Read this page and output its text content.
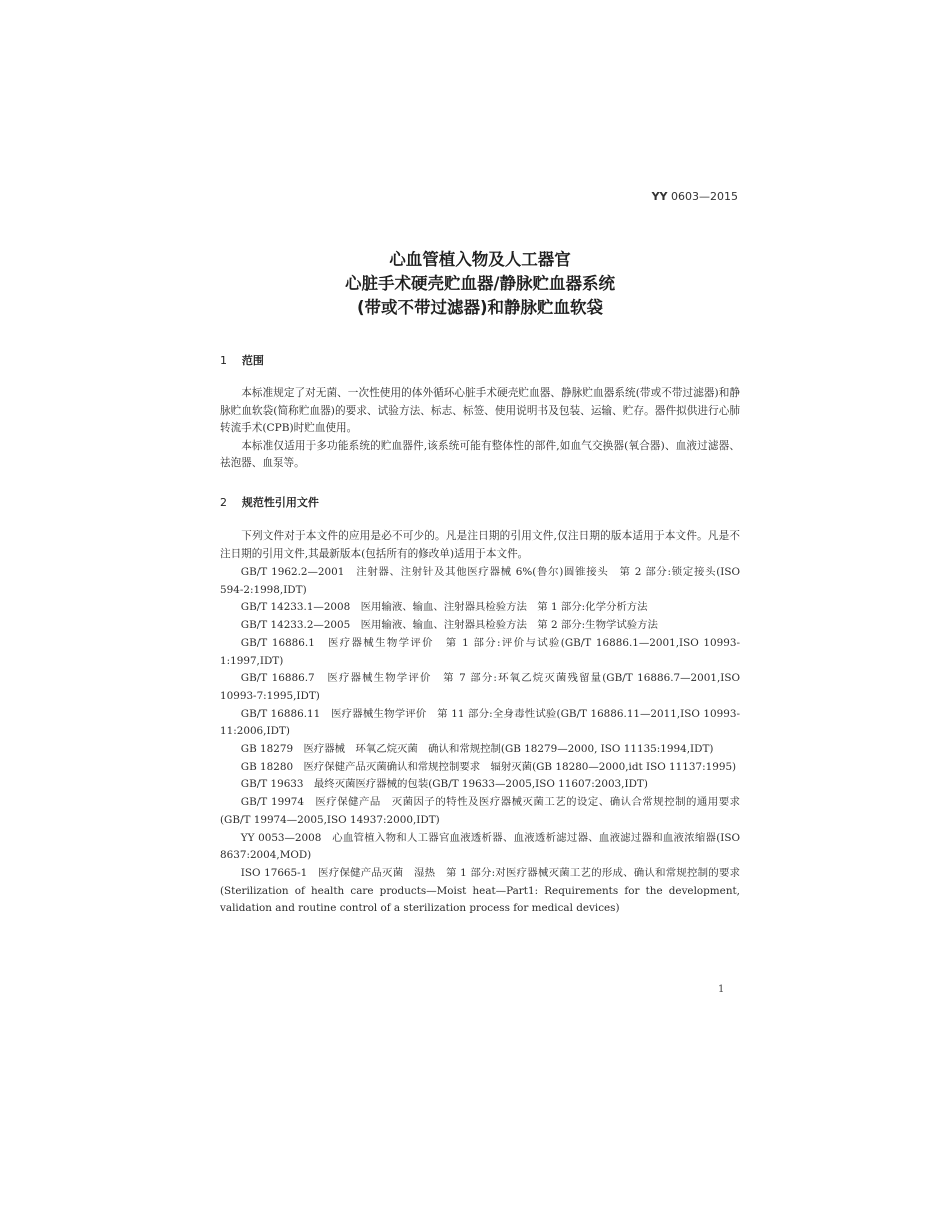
YY 0603—2015
心血管植入物及人工器官
心脏手术硬壳贮血器/静脉贮血器系统
(带或不带过滤器)和静脉贮血软袋
1 范围

本标准规定了对无菌、一次性使用的体外循环心脏手术硬壳贮血器、静脉贮血器系统(带或不带过滤器)和静脉贮血软袋(简称贮血器)的要求、试验方法、标志、标签、使用说明书及包装、运输、贮存。器件拟供进行心肺转流手术(CPB)时贮血使用。

本标准仅适用于多功能系统的贮血器件,该系统可能有整体性的部件,如血气交换器(氧合器)、血液过滤器、祛泡器、血泵等。

2 规范性引用文件

下列文件对于本文件的应用是必不可少的。凡是注日期的引用文件,仅注日期的版本适用于本文件。凡是不注日期的引用文件,其最新版本(包括所有的修改单)适用于本文件。

GB/T 1962.2—2001　注射器、注射针及其他医疗器械 6%(鲁尔)圆锥接头　第 2 部分:锁定接头(ISO 594-2:1998,IDT)

GB/T 14233.1—2008　医用输液、输血、注射器具检验方法　第 1 部分:化学分析方法

GB/T 14233.2—2005　医用输液、输血、注射器具检验方法　第 2 部分:生物学试验方法

GB/T 16886.1　医疗器械生物学评价　第 1 部分:评价与试验(GB/T 16886.1—2001,ISO 10993-1:1997,IDT)

GB/T 16886.7　医疗器械生物学评价　第 7 部分:环氧乙烷灭菌残留量(GB/T 16886.7—2001,ISO 10993-7:1995,IDT)

GB/T 16886.11　医疗器械生物学评价　第 11 部分:全身毒性试验(GB/T 16886.11—2011,ISO 10993-11:2006,IDT)

GB 18279　医疗器械　环氧乙烷灭菌　确认和常规控制(GB 18279—2000, ISO 11135:1994,IDT)

GB 18280　医疗保健产品灭菌确认和常规控制要求　辐射灭菌(GB 18280—2000,idt ISO 11137:1995)

GB/T 19633　最终灭菌医疗器械的包装(GB/T 19633—2005,ISO 11607:2003,IDT)

GB/T 19974　医疗保健产品　灭菌因子的特性及医疗器械灭菌工艺的设定、确认合常规控制的通用要求(GB/T 19974—2005,ISO 14937:2000,IDT)

YY 0053—2008　心血管植入物和人工器官血液透析器、血液透析滤过器、血液滤过器和血液浓缩器(ISO 8637:2004,MOD)

ISO 17665-1　医疗保健产品灭菌　湿热　第 1 部分:对医疗器械灭菌工艺的形成、确认和常规控制的要求(Sterilization of health care products—Moist heat—Part1: Requirements for the development, validation and routine control of a sterilization process for medical devices)

1
